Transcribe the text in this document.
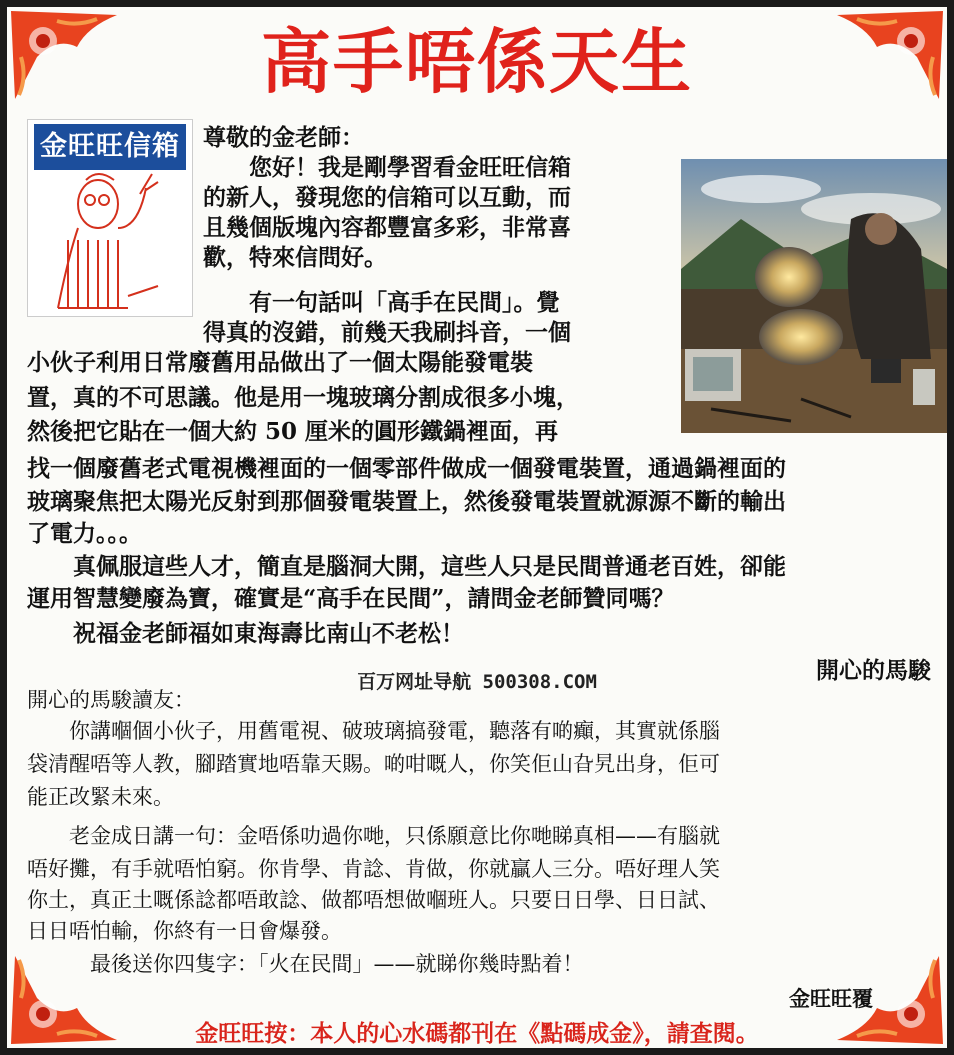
高手唔係天生
金旺旺信箱 尊敬的金老師：
　　您好！我是剛學習看金旺旺信箱
的新人，發現您的信箱可以互動，而
且幾個版塊內容都豐富多彩，非常喜
歡，特來信問好。
　　有一句話叫「高手在民間」。覺
得真的沒錯，前幾天我刷抖音，一個
小伙子利用日常廢舊用品做出了一個太陽能發電裝
置，真的不可思議。他是用一塊玻璃分割成很多小塊，
然後把它貼在一個大約 50 厘米的圓形鐵鍋裡面，再
找一個廢舊老式電視機裡面的一個零部件做成一個發電裝置，通過鍋裡面的
玻璃聚焦把太陽光反射到那個發電裝置上，然後發電裝置就源源不斷的輸出
了電力。。。
　　真佩服這些人才，簡直是腦洞大開，這些人只是民間普通老百姓，卻能
運用智慧變廢為寶，確實是“高手在民間”，請問金老師贊同嗎？
　　祝福金老師福如東海壽比南山不老松！
開心的馬駿
百万网址导航 500308.COM
開心的馬駿讀友：
　　你講嗰個小伙子，用舊電視、破玻璃搞發電，聽落有啲癲，其實就係腦
袋清醒唔等人教，腳踏實地唔靠天賜。啲咁嘅人，你笑佢山旮旯出身，佢可
能正改緊未來。
　　老金成日講一句：金唔係叻過你哋，只係願意比你哋睇真相——有腦就
唔好攤，有手就唔怕窮。你肯學、肯諗、肯做，你就贏人三分。唔好理人笑
你土，真正土嘅係諗都唔敢諗、做都唔想做嗰班人。只要日日學、日日試、
日日唔怕輸，你終有一日會爆發。
　　　最後送你四隻字：「火在民間」——就睇你幾時點着！
金旺旺覆
金旺旺按：本人的心水碼都刊在《點碼成金》，請查閱。
